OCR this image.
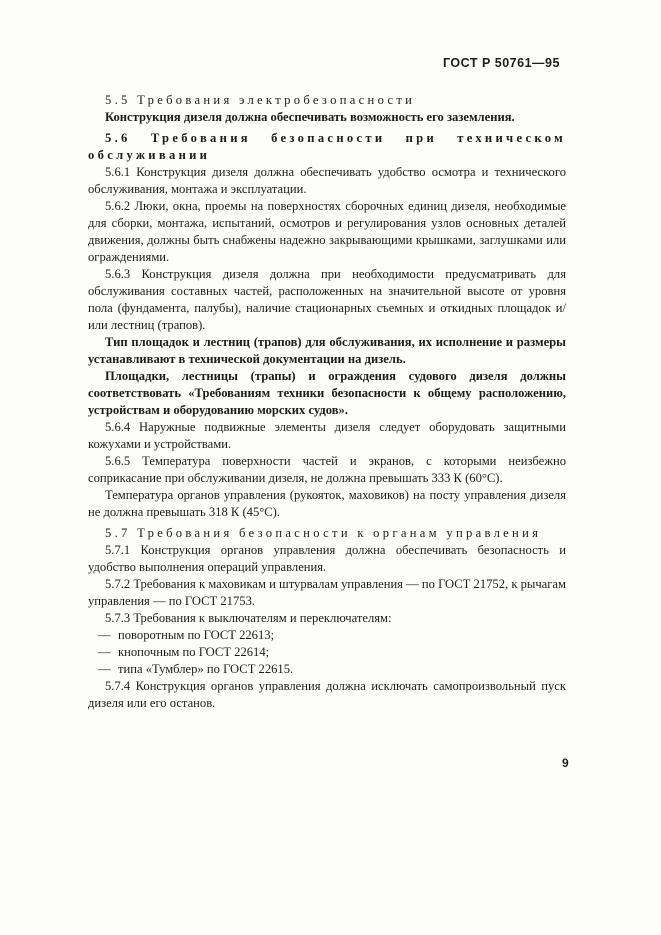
ГОСТ Р 50761—95

5.5 Требования электробезопасности

Конструкция дизеля должна обеспечивать возможность его заземления.

5.6 Требования безопасности при техническом обслуживании

5.6.1 Конструкция дизеля должна обеспечивать удобство осмотра и технического обслуживания, монтажа и эксплуатации.

5.6.2 Люки, окна, проемы на поверхностях сборочных единиц дизеля, необходимые для сборки, монтажа, испытаний, осмотров и регулирования узлов основных деталей движения, должны быть снабжены надежно закрывающими крышками, заглушками или ограждениями.

5.6.3 Конструкция дизеля должна при необходимости предусматривать для обслуживания составных частей, расположенных на значительной высоте от уровня пола (фундамента, палубы), наличие стационарных съемных и откидных площадок и/или лестниц (трапов).

Тип площадок и лестниц (трапов) для обслуживания, их исполнение и размеры устанавливают в технической документации на дизель.

Площадки, лестницы (трапы) и ограждения судового дизеля должны соответствовать «Требованиям техники безопасности к общему расположению, устройствам и оборудованию морских судов».

5.6.4 Наружные подвижные элементы дизеля следует оборудовать защитными кожухами и устройствами.

5.6.5 Температура поверхности частей и экранов, с которыми неизбежно соприкасание при обслуживании дизеля, не должна превышать 333 К (60°С).

Температура органов управления (рукояток, маховиков) на посту управления дизеля не должна превышать 318 К (45°С).

5.7 Требования безопасности к органам управления

5.7.1 Конструкция органов управления должна обеспечивать безопасность и удобство выполнения операций управления.

5.7.2 Требования к маховикам и штурвалам управления — по ГОСТ 21752, к рычагам управления — по ГОСТ 21753.

5.7.3 Требования к выключателям и переключателям:

— поворотным по ГОСТ 22613;
— кнопочным по ГОСТ 22614;
— типа «Тумблер» по ГОСТ 22615.

5.7.4 Конструкция органов управления должна исключать самопроизвольный пуск дизеля или его останов.

9
